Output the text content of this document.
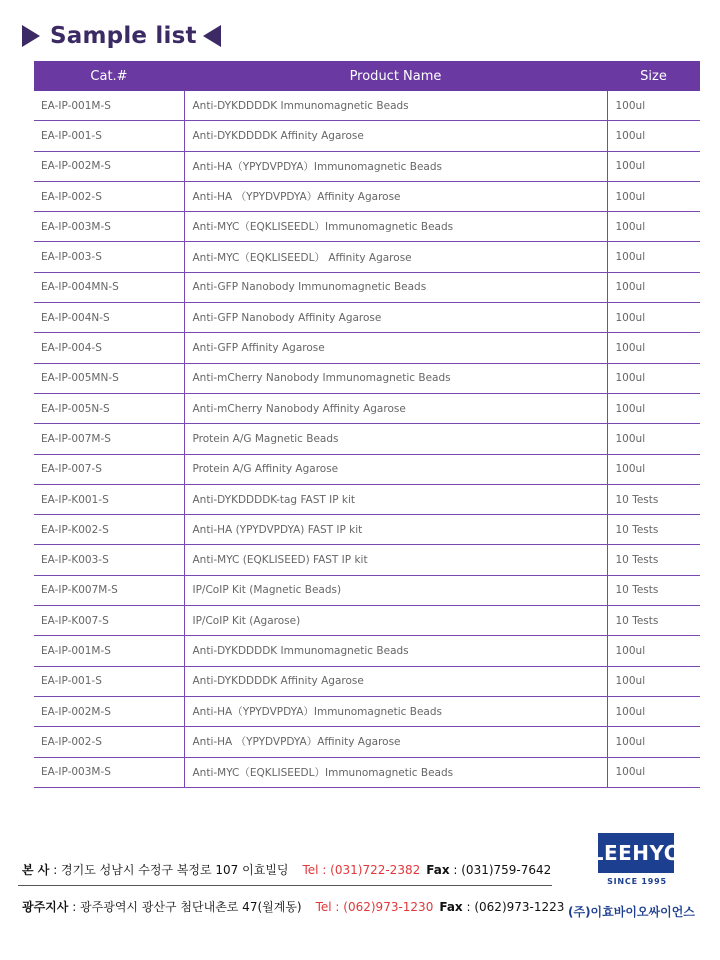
Sample list
Cat.#	Product Name	Size
EA-IP-001M-S	Anti-DYKDDDDK Immunomagnetic Beads	100ul
EA-IP-001-S	Anti-DYKDDDDK Affinity Agarose	100ul
EA-IP-002M-S	Anti-HA（YPYDVPDYA）Immunomagnetic Beads	100ul
EA-IP-002-S	Anti-HA （YPYDVPDYA）Affinity Agarose	100ul
EA-IP-003M-S	Anti-MYC（EQKLISEEDL）Immunomagnetic Beads	100ul
EA-IP-003-S	Anti-MYC（EQKLISEEDL） Affinity Agarose	100ul
EA-IP-004MN-S	Anti-GFP Nanobody Immunomagnetic Beads	100ul
EA-IP-004N-S	Anti-GFP Nanobody Affinity Agarose	100ul
EA-IP-004-S	Anti-GFP Affinity Agarose	100ul
EA-IP-005MN-S	Anti-mCherry Nanobody Immunomagnetic Beads	100ul
EA-IP-005N-S	Anti-mCherry Nanobody Affinity Agarose	100ul
EA-IP-007M-S	Protein A/G Magnetic Beads	100ul
EA-IP-007-S	Protein A/G Affinity Agarose	100ul
EA-IP-K001-S	Anti-DYKDDDDK-tag FAST IP kit	10 Tests
EA-IP-K002-S	Anti-HA (YPYDVPDYA) FAST IP kit	10 Tests
EA-IP-K003-S	Anti-MYC (EQKLISEED) FAST IP kit	10 Tests
EA-IP-K007M-S	IP/CoIP Kit (Magnetic Beads)	10 Tests
EA-IP-K007-S	IP/CoIP Kit (Agarose)	10 Tests
EA-IP-001M-S	Anti-DYKDDDDK Immunomagnetic Beads	100ul
EA-IP-001-S	Anti-DYKDDDDK Affinity Agarose	100ul
EA-IP-002M-S	Anti-HA（YPYDVPDYA）Immunomagnetic Beads	100ul
EA-IP-002-S	Anti-HA （YPYDVPDYA）Affinity Agarose	100ul
EA-IP-003M-S	Anti-MYC（EQKLISEEDL）Immunomagnetic Beads	100ul
본 사 : 경기도 성남시 수정구 복정로 107 이효빌딩 Tel : (031)722-2382 Fax : (031)759-7642
광주지사 : 광주광역시 광산구 첨단내촌로 47(월계동) Tel : (062)973-1230 Fax : (062)973-1223
LEEHYO
SINCE 1995
(주)이효바이오싸이언스
